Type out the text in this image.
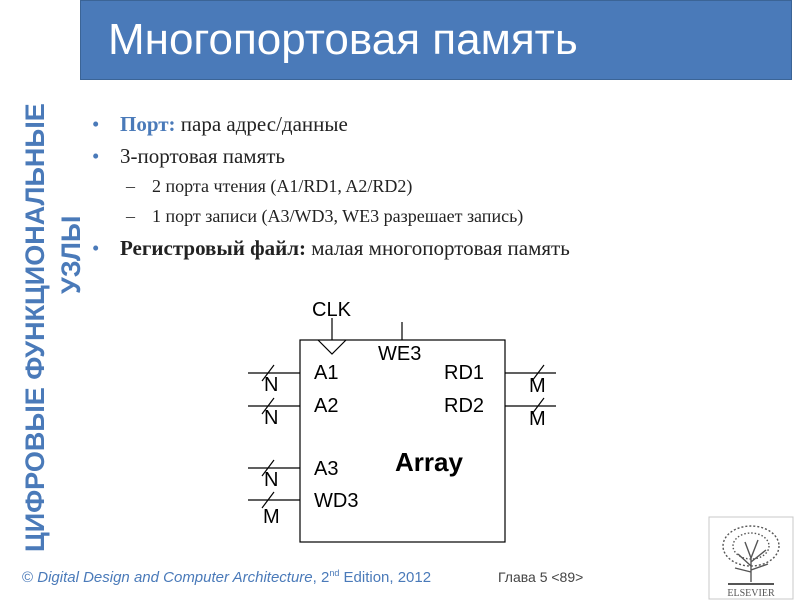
Многопортовая память
ЦИФРОВЫЕ ФУНКЦИОНАЛЬНЫЕ УЗЛЫ
• Порт: пара адрес/данные
• 3-портовая память
– 2 порта чтения (A1/RD1, A2/RD2)
– 1 порт записи (A3/WD3, WE3 разрешает запись)
• Регистровый файл: малая многопортовая память
CLK
WE3
A1
A2
A3
WD3
RD1
RD2
N
N
N
M
M
M
Array
© Digital Design and Computer Architecture, 2nd Edition, 2012	Глава 5 <89>
ELSEVIER
